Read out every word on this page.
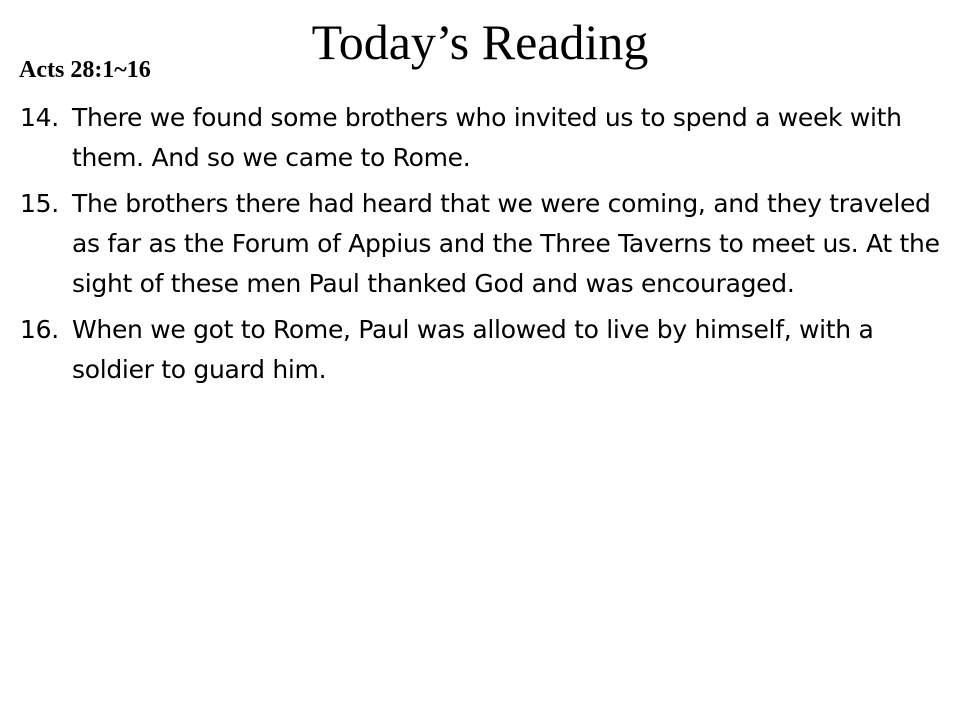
Today’s Reading
Acts 28:1~16
14. There we found some brothers who invited us to spend a week with them. And so we came to Rome.
15. The brothers there had heard that we were coming, and they traveled as far as the Forum of Appius and the Three Taverns to meet us. At the sight of these men Paul thanked God and was encouraged.
16. When we got to Rome, Paul was allowed to live by himself, with a soldier to guard him.
